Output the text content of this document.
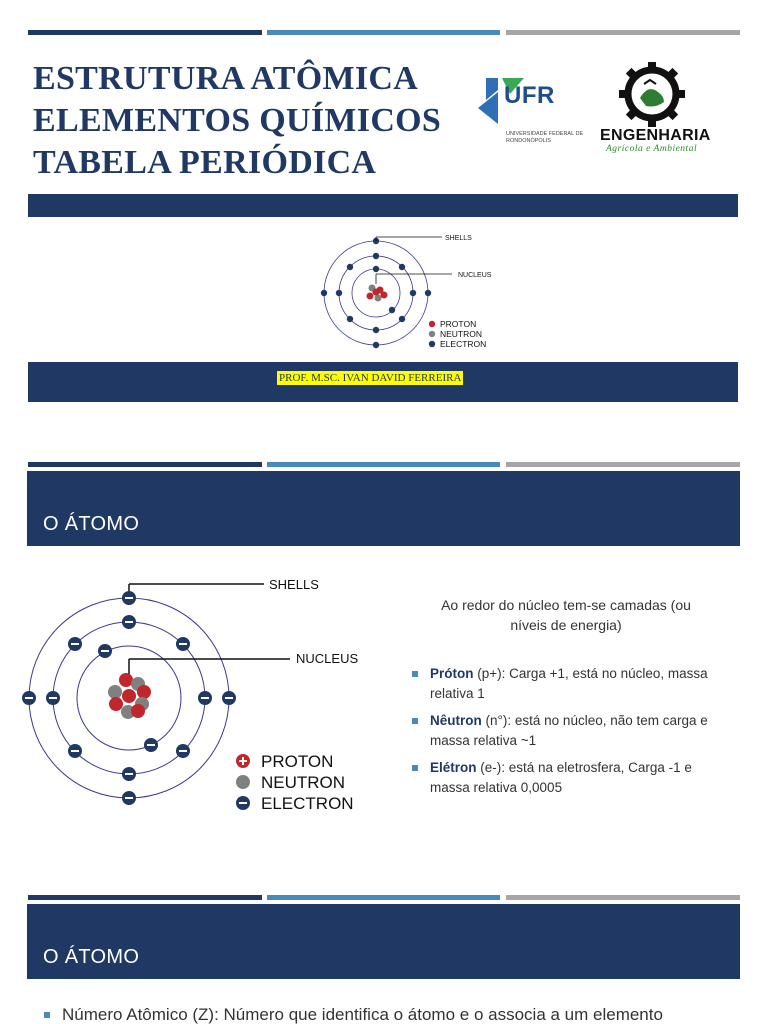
ESTRUTURA ATÔMICA
ELEMENTOS QUÍMICOS
TABELA PERIÓDICA
UFR
UNIVERSIDADE FEDERAL DE RONDONÓPOLIS	ENGENHARIA
Agrícola e Ambiental
SHELLS
NUCLEUS
PROTON
NEUTRON
ELECTRON
PROF. M.SC. IVAN DAVID FERREIRA
O ÁTOMO
SHELLS
NUCLEUS
PROTON
NEUTRON
ELECTRON
Ao redor do núcleo tem-se camadas (ou níveis de energia)
Próton (p+): Carga +1, está no núcleo, massa relativa 1
Nêutron (n°): está no núcleo, não tem carga e massa relativa ~1
Elétron (e-): está na eletrosfera, Carga -1 e massa relativa 0,0005
O ÁTOMO
Número Atômico (Z): Número que identifica o átomo e o associa a um elemento
